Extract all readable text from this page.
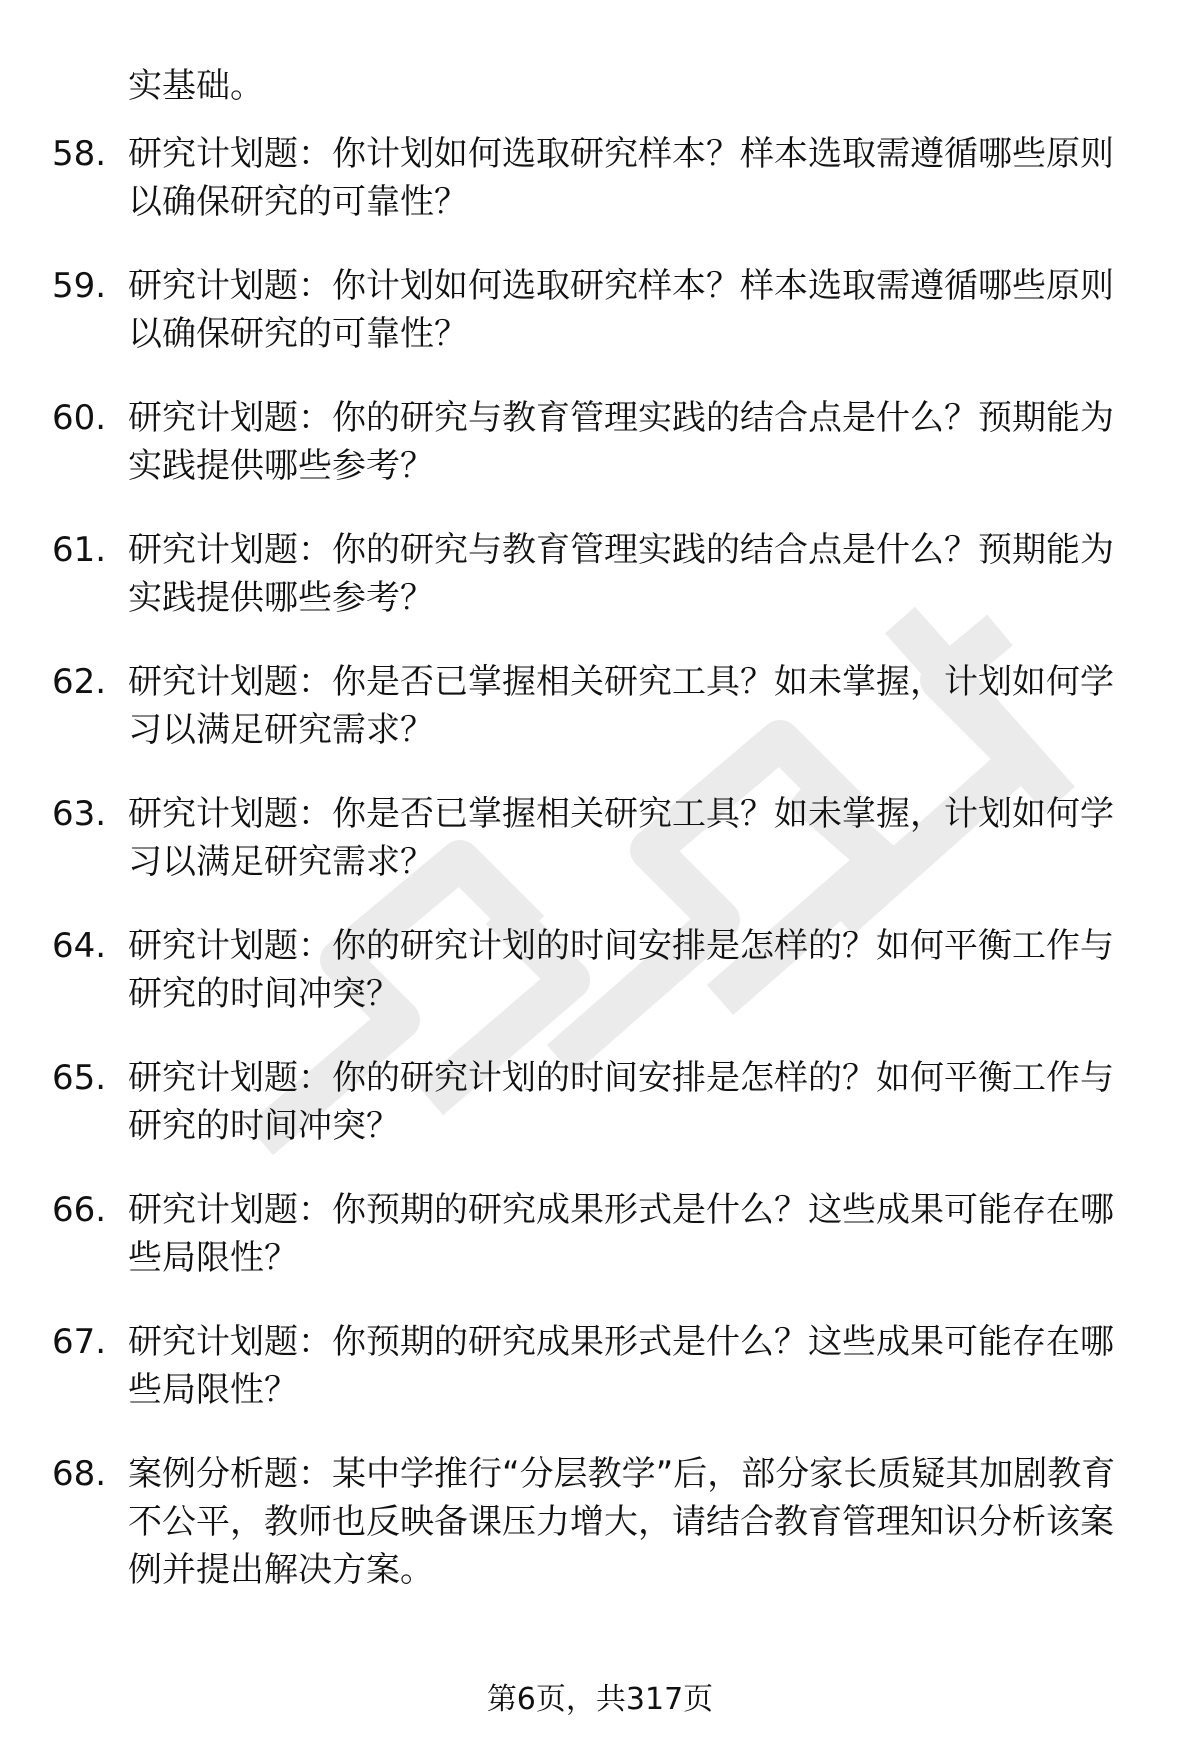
实基础。

58. 研究计划题：你计划如何选取研究样本？样本选取需遵循哪些原则以确保研究的可靠性？
59. 研究计划题：你计划如何选取研究样本？样本选取需遵循哪些原则以确保研究的可靠性？
60. 研究计划题：你的研究与教育管理实践的结合点是什么？预期能为实践提供哪些参考？
61. 研究计划题：你的研究与教育管理实践的结合点是什么？预期能为实践提供哪些参考？
62. 研究计划题：你是否已掌握相关研究工具？如未掌握，计划如何学习以满足研究需求？
63. 研究计划题：你是否已掌握相关研究工具？如未掌握，计划如何学习以满足研究需求？
64. 研究计划题：你的研究计划的时间安排是怎样的？如何平衡工作与研究的时间冲突？
65. 研究计划题：你的研究计划的时间安排是怎样的？如何平衡工作与研究的时间冲突？
66. 研究计划题：你预期的研究成果形式是什么？这些成果可能存在哪些局限性？
67. 研究计划题：你预期的研究成果形式是什么？这些成果可能存在哪些局限性？
68. 案例分析题：某中学推行“分层教学”后，部分家长质疑其加剧教育不公平，教师也反映备课压力增大，请结合教育管理知识分析该案例并提出解决方案。
第6页，共317页
